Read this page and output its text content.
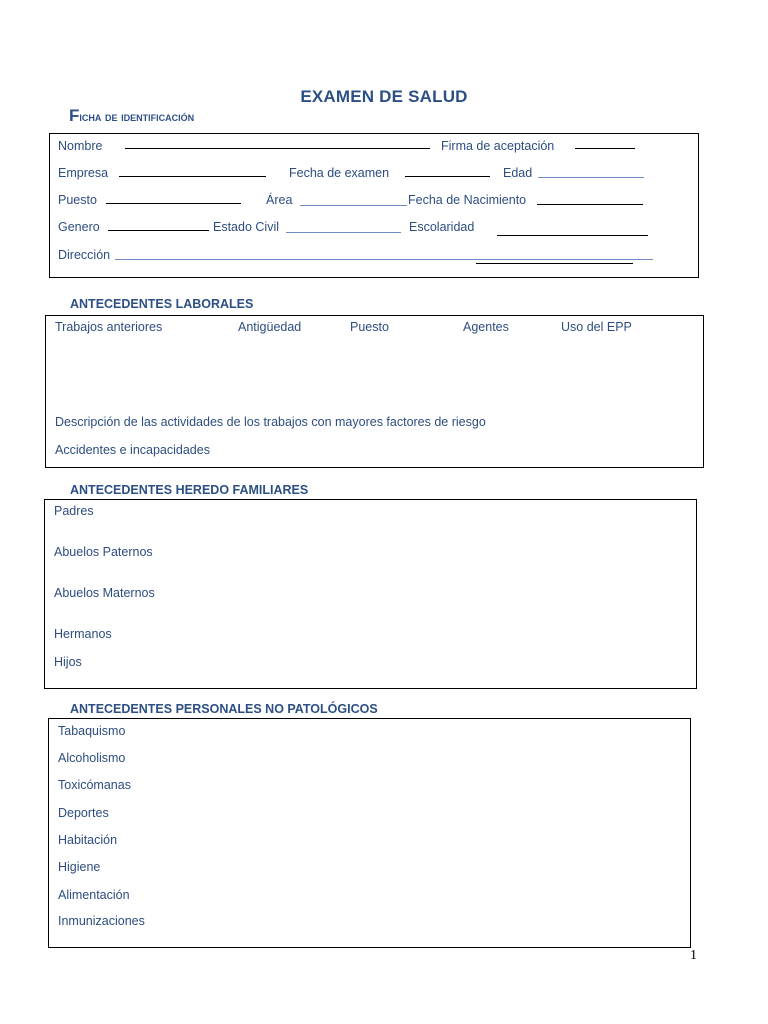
EXAMEN DE SALUD
Ficha de identificación
Nombre	Firma de aceptación
Empresa	Fecha de examen	Edad
Puesto	Área	Fecha de Nacimiento
Genero	Estado Civil	Escolaridad
Dirección
ANTECEDENTES LABORALES
Trabajos anteriores	Antigüedad	Puesto	Agentes	Uso del EPP
Descripción de las actividades de los trabajos con mayores factores de riesgo
Accidentes e incapacidades
ANTECEDENTES HEREDO FAMILIARES
Padres
Abuelos Paternos
Abuelos Maternos
Hermanos
Hijos
ANTECEDENTES PERSONALES NO PATOLÓGICOS
Tabaquismo
Alcoholismo
Toxicómanas
Deportes
Habitación
Higiene
Alimentación
Inmunizaciones
1
